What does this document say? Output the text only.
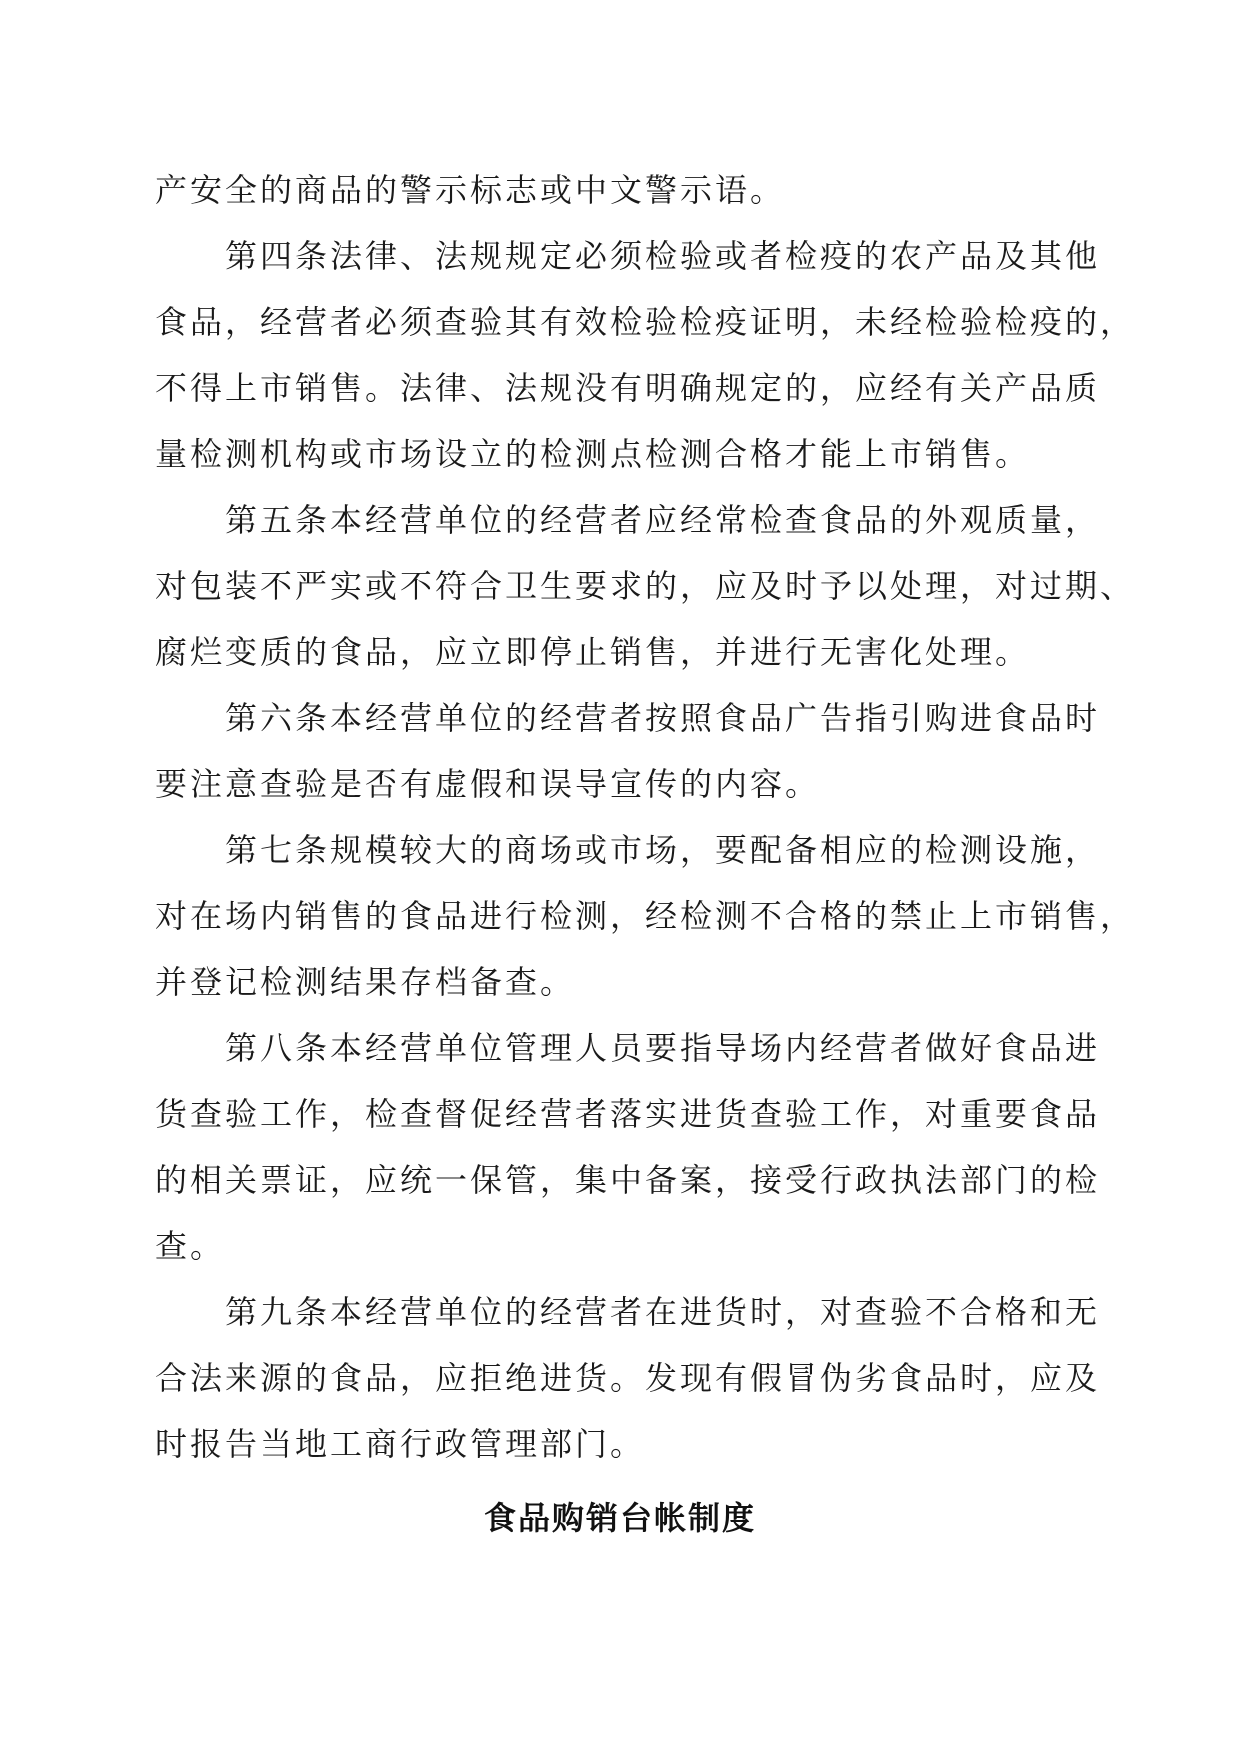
产安全的商品的警示标志或中文警示语。
　　第四条法律、法规规定必须检验或者检疫的农产品及其他
食品，经营者必须查验其有效检验检疫证明，未经检验检疫的，
不得上市销售。法律、法规没有明确规定的，应经有关产品质
量检测机构或市场设立的检测点检测合格才能上市销售。
　　第五条本经营单位的经营者应经常检查食品的外观质量，
对包装不严实或不符合卫生要求的，应及时予以处理，对过期、
腐烂变质的食品，应立即停止销售，并进行无害化处理。
　　第六条本经营单位的经营者按照食品广告指引购进食品时
要注意查验是否有虚假和误导宣传的内容。
　　第七条规模较大的商场或市场，要配备相应的检测设施，
对在场内销售的食品进行检测，经检测不合格的禁止上市销售，
并登记检测结果存档备查。
　　第八条本经营单位管理人员要指导场内经营者做好食品进
货查验工作，检查督促经营者落实进货查验工作，对重要食品
的相关票证，应统一保管，集中备案，接受行政执法部门的检
查。
　　第九条本经营单位的经营者在进货时，对查验不合格和无
合法来源的食品，应拒绝进货。发现有假冒伪劣食品时，应及
时报告当地工商行政管理部门。
食品购销台帐制度
